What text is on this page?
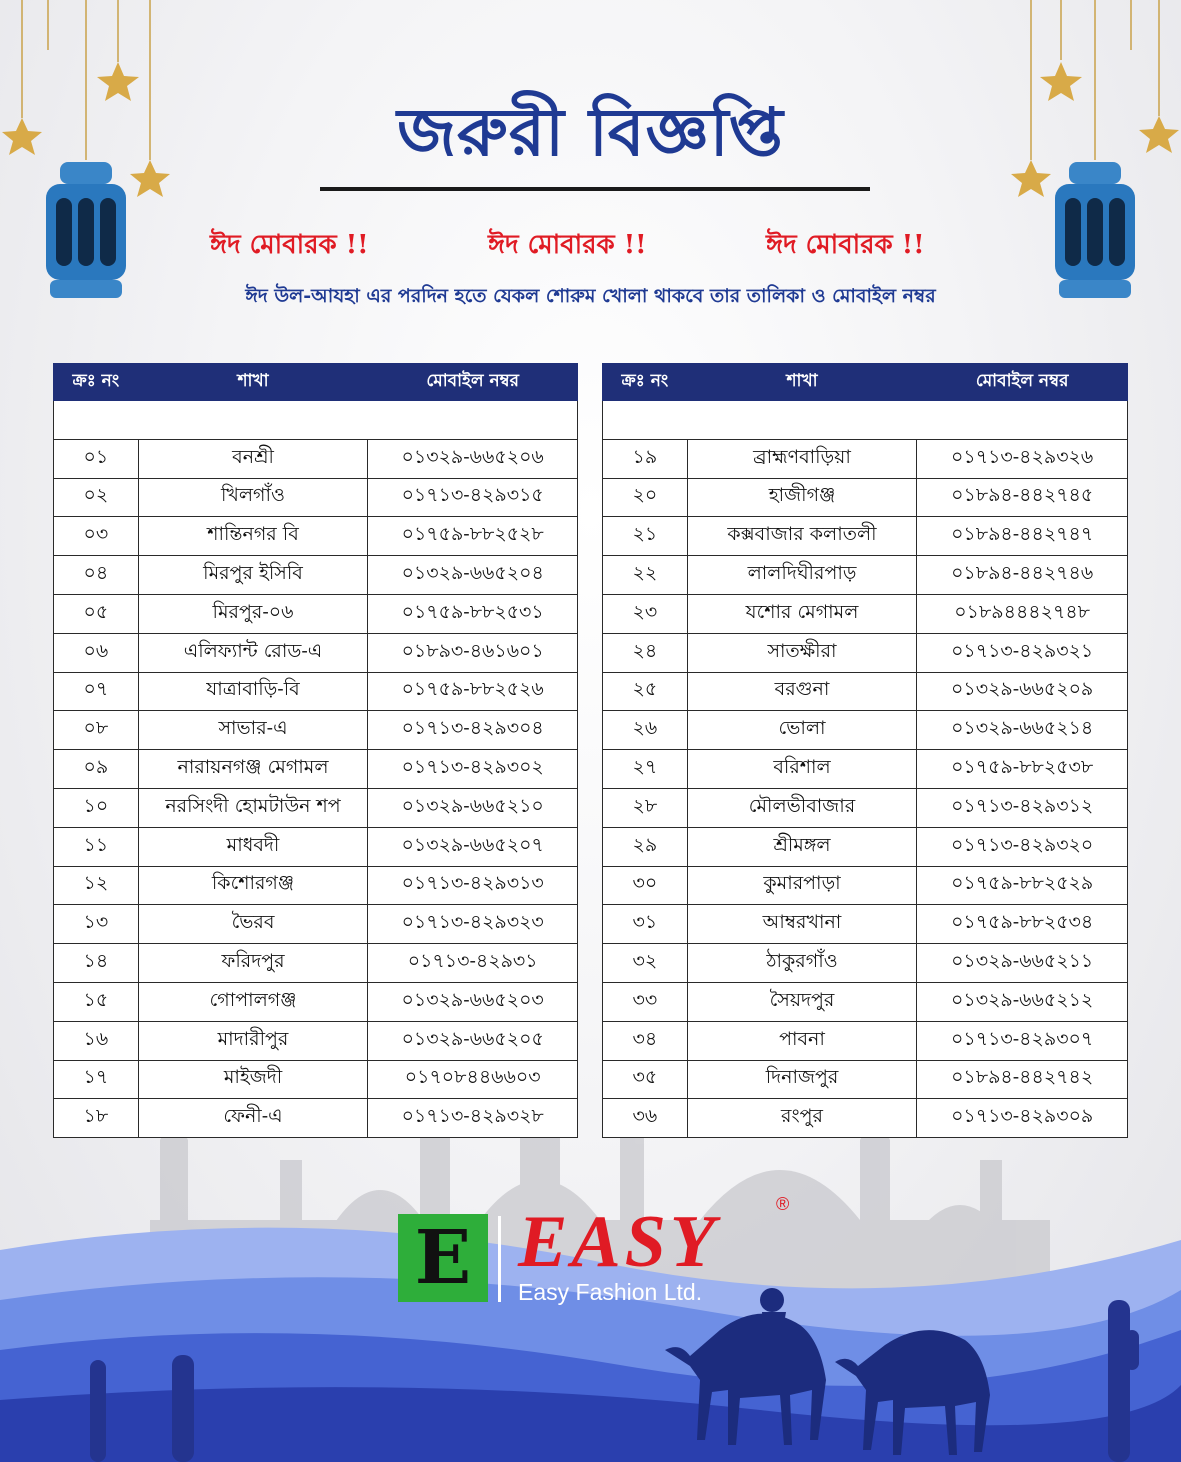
জরুরী বিজ্ঞপ্তি
ঈদ মোবারক !!	ঈদ মোবারক !!	ঈদ মোবারক !!
ঈদ উল-আযহা এর পরদিন হতে যেকল শোরুম খোলা থাকবে তার তালিকা ও মোবাইল নম্বর
ক্রঃ নং	শাখা	মোবাইল নম্বর

০১	বনশ্রী	০১৩২৯-৬৬৫২০৬
০২	খিলগাঁও	০১৭১৩-৪২৯৩১৫
০৩	শান্তিনগর বি	০১৭৫৯-৮৮২৫২৮
০৪	মিরপুর ইসিবি	০১৩২৯-৬৬৫২০৪
০৫	মিরপুর-০৬	০১৭৫৯-৮৮২৫৩১
০৬	এলিফ্যান্ট রোড-এ	০১৮৯৩-৪৬১৬০১
০৭	যাত্রাবাড়ি-বি	০১৭৫৯-৮৮২৫২৬
০৮	সাভার-এ	০১৭১৩-৪২৯৩০৪
০৯	নারায়নগঞ্জ মেগামল	০১৭১৩-৪২৯৩০২
১০	নরসিংদী হোমটাউন শপ	০১৩২৯-৬৬৫২১০
১১	মাধবদী	০১৩২৯-৬৬৫২০৭
১২	কিশোরগঞ্জ	০১৭১৩-৪২৯৩১৩
১৩	ভৈরব	০১৭১৩-৪২৯৩২৩
১৪	ফরিদপুর	০১৭১৩-৪২৯৩১
১৫	গোপালগঞ্জ	০১৩২৯-৬৬৫২০৩
১৬	মাদারীপুর	০১৩২৯-৬৬৫২০৫
১৭	মাইজদী	০১৭০৮৪৪৬৬০৩
১৮	ফেনী-এ	০১৭১৩-৪২৯৩২৮
ক্রঃ নং	শাখা	মোবাইল নম্বর

১৯	ব্রাহ্মণবাড়িয়া	০১৭১৩-৪২৯৩২৬
২০	হাজীগঞ্জ	০১৮৯৪-৪৪২৭৪৫
২১	কক্সবাজার কলাতলী	০১৮৯৪-৪৪২৭৪৭
২২	লালদিঘীরপাড়	০১৮৯৪-৪৪২৭৪৬
২৩	যশোর মেগামল	০১৮৯৪৪৪২৭৪৮
২৪	সাতক্ষীরা	০১৭১৩-৪২৯৩২১
২৫	বরগুনা	০১৩২৯-৬৬৫২০৯
২৬	ভোলা	০১৩২৯-৬৬৫২১৪
২৭	বরিশাল	০১৭৫৯-৮৮২৫৩৮
২৮	মৌলভীবাজার	০১৭১৩-৪২৯৩১২
২৯	শ্রীমঙ্গল	০১৭১৩-৪২৯৩২০
৩০	কুমারপাড়া	০১৭৫৯-৮৮২৫২৯
৩১	আম্বরখানা	০১৭৫৯-৮৮২৫৩৪
৩২	ঠাকুরগাঁও	০১৩২৯-৬৬৫২১১
৩৩	সৈয়দপুর	০১৩২৯-৬৬৫২১২
৩৪	পাবনা	০১৭১৩-৪২৯৩০৭
৩৫	দিনাজপুর	০১৮৯৪-৪৪২৭৪২
৩৬	রংপুর	০১৭১৩-৪২৯৩০৯
E EASY	®
Easy Fashion Ltd.
